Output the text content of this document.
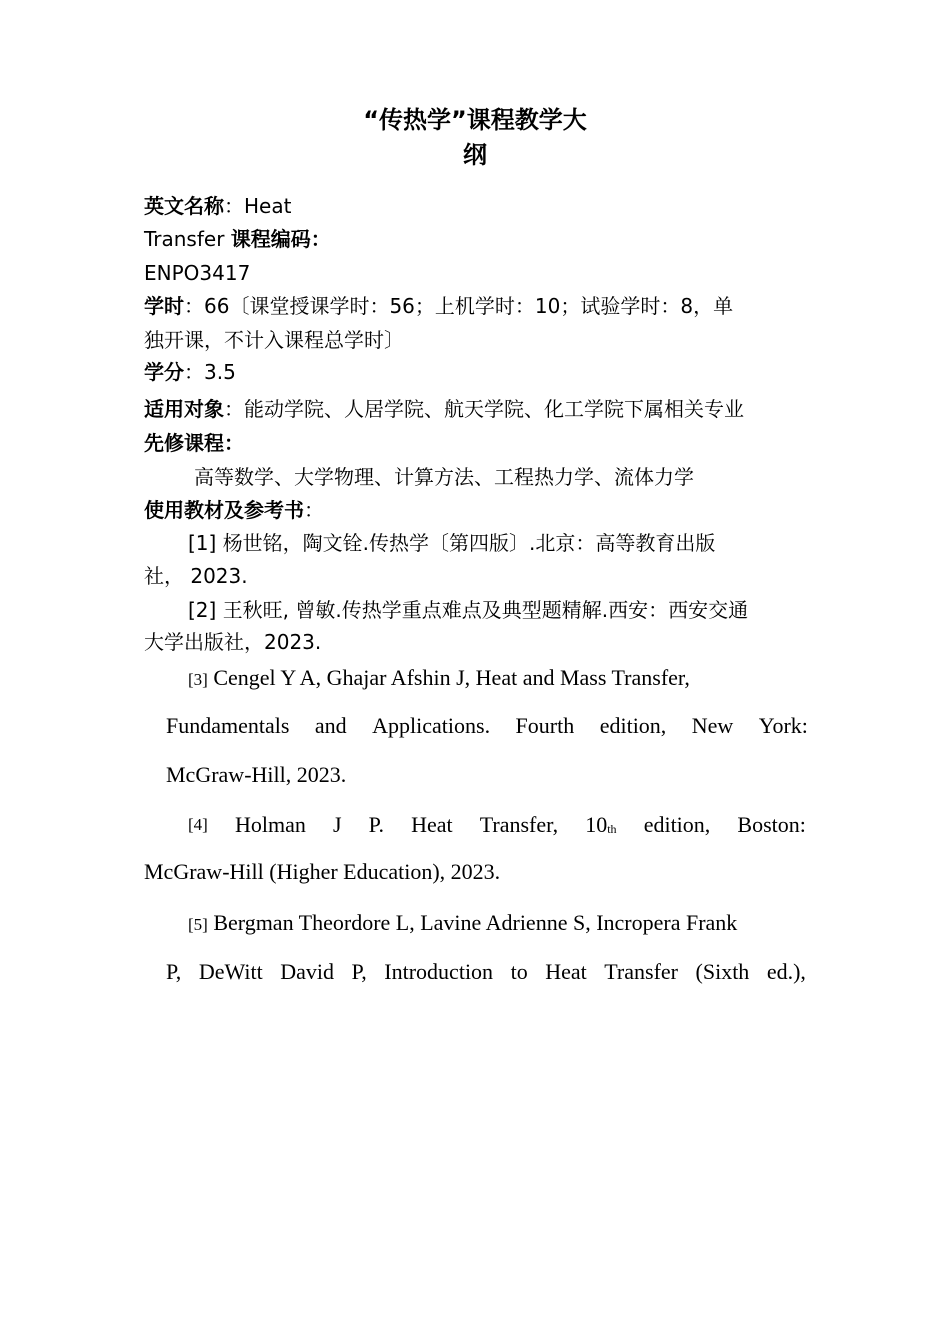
“传热学”课程教学大
纲
英文名称：Heat
Transfer 课程编码：
ENPO3417
学时：66〔课堂授课学时：56；上机学时：10；试验学时：8，单
独开课，不计入课程总学时〕
学分：3.5
适用对象：能动学院、人居学院、航天学院、化工学院下属相关专业
先修课程：
高等数学、大学物理、计算方法、工程热力学、流体力学
使用教材及参考书：
[1] 杨世铭，陶文铨.传热学〔第四版〕.北京：高等教育出版
社， 2023.
[2] 王秋旺, 曾敏.传热学重点难点及典型题精解.西安：西安交通
大学出版社，2023.
[3] Cengel Y A, Ghajar Afshin J, Heat and Mass Transfer,
Fundamentals and Applications. Fourth edition, New York:
McGraw-Hill, 2023.
[4] Holman J P. Heat Transfer, 10th edition, Boston:
McGraw-Hill (Higher Education), 2023.
[5] Bergman Theordore L, Lavine Adrienne S, Incropera Frank
P, DeWitt David P, Introduction to Heat Transfer (Sixth ed.),
